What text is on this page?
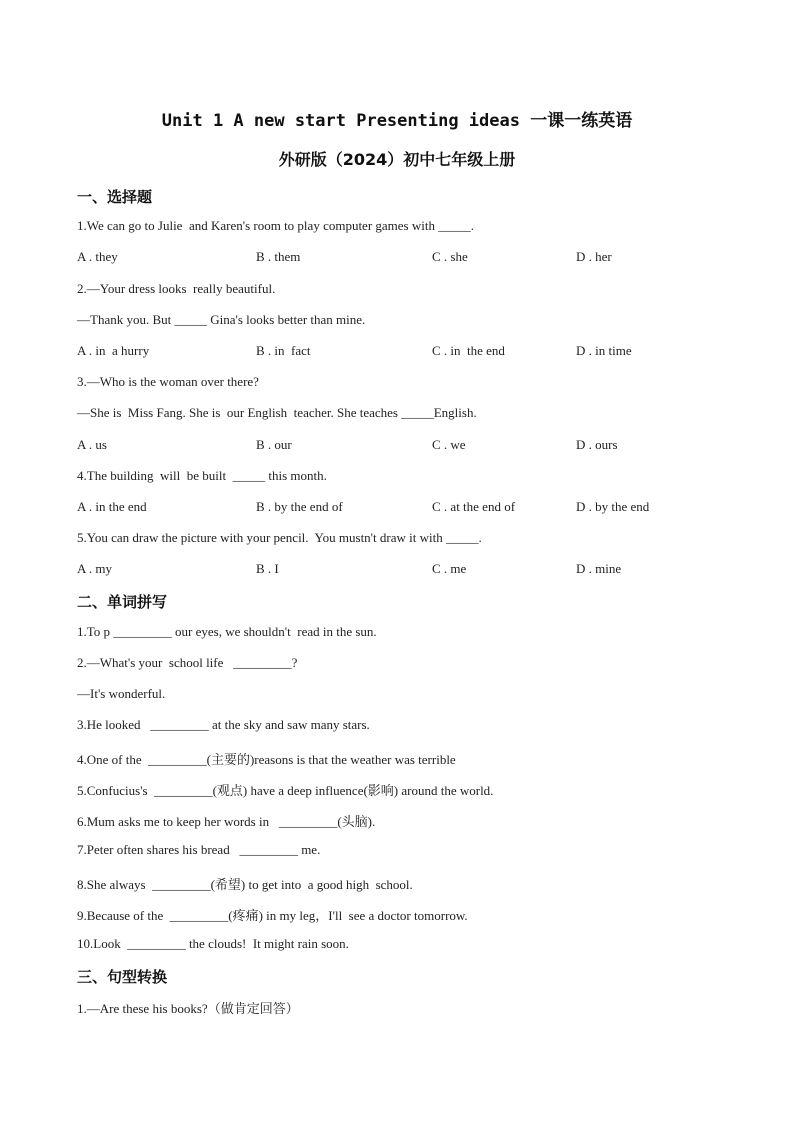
Unit 1 A new start Presenting ideas 一课一练英语
外研版（2024）初中七年级上册
一、选择题
1.We can go to Julie  and Karen's room to play computer games with _____.
A . they	B . them	C . she	D . her
2.—Your dress looks  really beautiful.
—Thank you. But _____ Gina's looks better than mine.
A . in  a hurry	B . in  fact	C . in  the end	D . in time
3.—Who is the woman over there?
—She is  Miss Fang. She is  our English  teacher. She teaches _____English.
A . us	B . our	C . we	D . ours
4.The building  will  be built  _____ this month.
A . in the end	B . by the end of	C . at the end of	D . by the end
5.You can draw the picture with your pencil.  You mustn't draw it with _____.
A . my	B . I	C . me	D . mine
二、单词拼写
1.To p _________ our eyes, we shouldn't  read in the sun.
2.—What's your  school life   _________?
—It's wonderful.
3.He looked   _________ at the sky and saw many stars.
4.One of the  _________(主要的)reasons is that the weather was terrible
5.Confucius's  _________(观点) have a deep influence(影响) around the world.
6.Mum asks me to keep her words in   _________(头脑).
7.Peter often shares his bread   _________ me.
8.She always  _________(希望) to get into  a good high  school.
9.Because of the  _________(疼痛) in my leg，I'll  see a doctor tomorrow.
10.Look  _________ the clouds!  It might rain soon.
三、句型转换
1.—Are these his books?（做肯定回答）
